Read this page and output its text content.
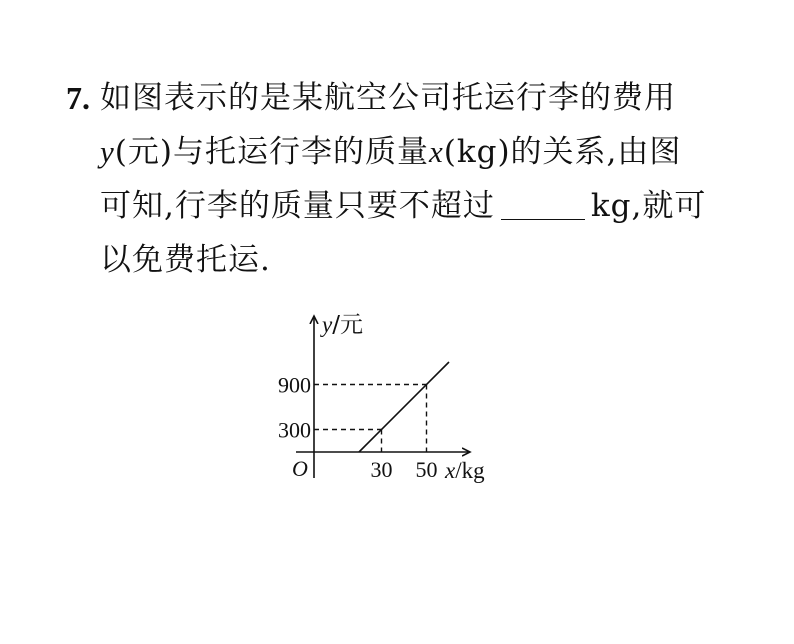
7. 如图表示的是某航空公司托运行李的费用
y(元)与托运行李的质量x(kg)的关系,由图
可知,行李的质量只要不超过	kg,就可
以免费托运.
O	30 50
300
900
y/元
x/kg
